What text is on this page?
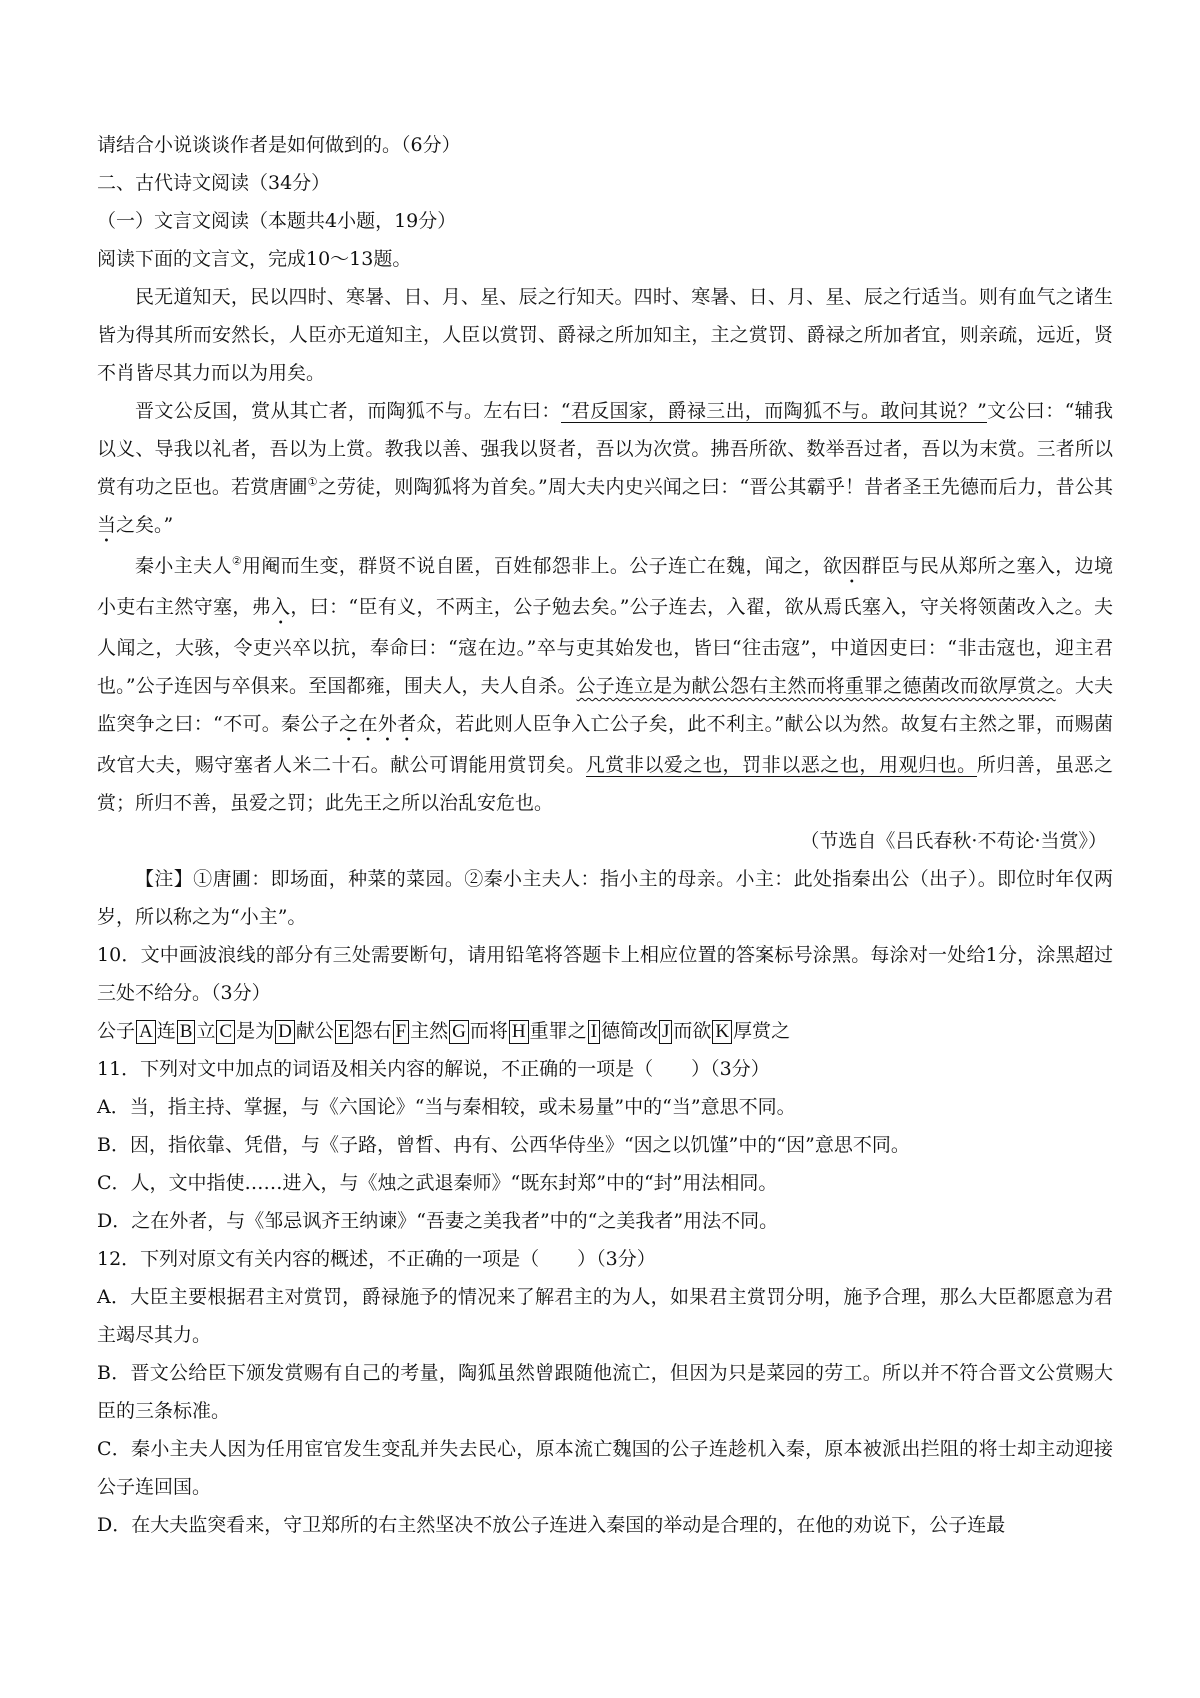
请结合小说谈谈作者是如何做到的。（6分）
二、古代诗文阅读（34分）
（一）文言文阅读（本题共4小题，19分）
阅读下面的文言文，完成10～13题。
民无道知天，民以四时、寒暑、日、月、星、辰之行知天。四时、寒暑、日、月、星、辰之行适当。则有血气之诸生皆为得其所而安然长，人臣亦无道知主，人臣以赏罚、爵禄之所加知主，主之赏罚、爵禄之所加者宜，则亲疏，远近，贤不肖皆尽其力而以为用矣。
晋文公反国，赏从其亡者，而陶狐不与。左右曰：“君反国家，爵禄三出，而陶狐不与。敢问其说？”文公曰：“辅我以义、导我以礼者，吾以为上赏。教我以善、强我以贤者，吾以为次赏。拂吾所欲、数举吾过者，吾以为末赏。三者所以赏有功之臣也。若赏唐圃①之劳徒，则陶狐将为首矣。”周大夫内史兴闻之曰：“晋公其霸乎！昔者圣王先德而后力，昔公其当之矣。”
秦小主夫人②用阉而生变，群贤不说自匿，百姓郁怨非上。公子连亡在魏，闻之，欲因群臣与民从郑所之塞入，边境小吏右主然守塞，弗入，曰：“臣有义，不两主，公子勉去矣。”公子连去，入翟，欲从焉氏塞入，守关将领菌改入之。夫人闻之，大骇，令吏兴卒以抗，奉命曰：“寇在边。”卒与吏其始发也，皆曰“往击寇”，中道因吏曰：“非击寇也，迎主君也。”公子连因与卒俱来。至国都雍，围夫人，夫人自杀。公子连立是为献公怨右主然而将重罪之德菌改而欲厚赏之。大夫监突争之曰：“不可。秦公子之在外者众，若此则人臣争入亡公子矣，此不利主。”献公以为然。故复右主然之罪，而赐菌改官大夫，赐守塞者人米二十石。献公可谓能用赏罚矣。凡赏非以爱之也，罚非以恶之也，用观归也。所归善，虽恶之赏；所归不善，虽爱之罚；此先王之所以治乱安危也。
（节选自《吕氏春秋·不苟论·当赏》）
【注】①唐圃：即场面，种菜的菜园。②秦小主夫人：指小主的母亲。小主：此处指秦出公（出子）。即位时年仅两岁，所以称之为“小主”。
10．文中画波浪线的部分有三处需要断句，请用铅笔将答题卡上相应位置的答案标号涂黑。每涂对一处给1分，涂黑超过三处不给分。（3分）
公子 A 连 B 立 C 是为 D 献公 E 怨右 F 主然 G 而将 H 重罪之 I 德简改 J 而欲 K 厚赏之
11．下列对文中加点的词语及相关内容的解说，不正确的一项是（　　）（3分）
A．当，指主持、掌握，与《六国论》“当与秦相较，或未易量”中的“当”意思不同。
B．因，指依靠、凭借，与《子路，曾晳、冉有、公西华侍坐》“因之以饥馑”中的“因”意思不同。
C．人，文中指使……进入，与《烛之武退秦师》“既东封郑”中的“封”用法相同。
D．之在外者，与《邹忌讽齐王纳谏》“吾妻之美我者”中的“之美我者”用法不同。
12．下列对原文有关内容的概述，不正确的一项是（　　）（3分）
A．大臣主要根据君主对赏罚，爵禄施予的情况来了解君主的为人，如果君主赏罚分明，施予合理，那么大臣都愿意为君主竭尽其力。
B．晋文公给臣下颁发赏赐有自己的考量，陶狐虽然曾跟随他流亡，但因为只是菜园的劳工。所以并不符合晋文公赏赐大臣的三条标准。
C．秦小主夫人因为任用宦官发生变乱并失去民心，原本流亡魏国的公子连趁机入秦，原本被派出拦阻的将士却主动迎接公子连回国。
D．在大夫监突看来，守卫郑所的右主然坚决不放公子连进入秦国的举动是合理的，在他的劝说下，公子连最
